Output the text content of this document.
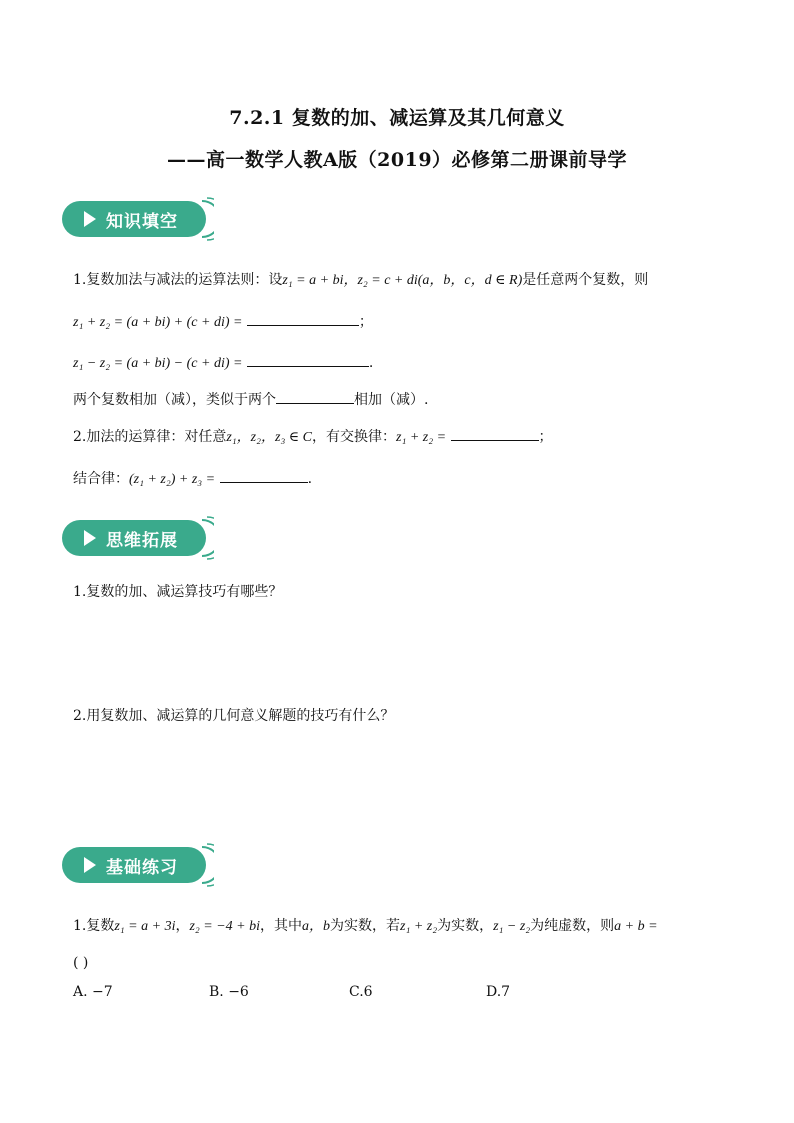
7.2.1 复数的加、减运算及其几何意义
——高一数学人教A版（2019）必修第二册课前导学
知识填空
1.复数加法与减法的运算法则：设z₁ = a + bi，z₂ = c + di(a，b，c，d ∈ R)是任意两个复数，则
z₁ + z₂ = (a + bi) + (c + di) =	；
z₁ − z₂ = (a + bi) − (c + di) =	.
两个复数相加（减），类似于两个	相加（减）.
2.加法的运算律：对任意z₁，z₂，z₃ ∈ C，有交换律：z₁ + z₂ =	；
结合律：(z₁ + z₂) + z₃ =	.
思维拓展
1.复数的加、减运算技巧有哪些？
2.用复数加、减运算的几何意义解题的技巧有什么？
基础练习
1.复数z₁ = a + 3i，z₂ = −4 + bi，其中a，b为实数，若z₁ + z₂为实数，z₁ − z₂为纯虚数，则a + b =
( )
A. −7	B. −6	C.6	D.7
